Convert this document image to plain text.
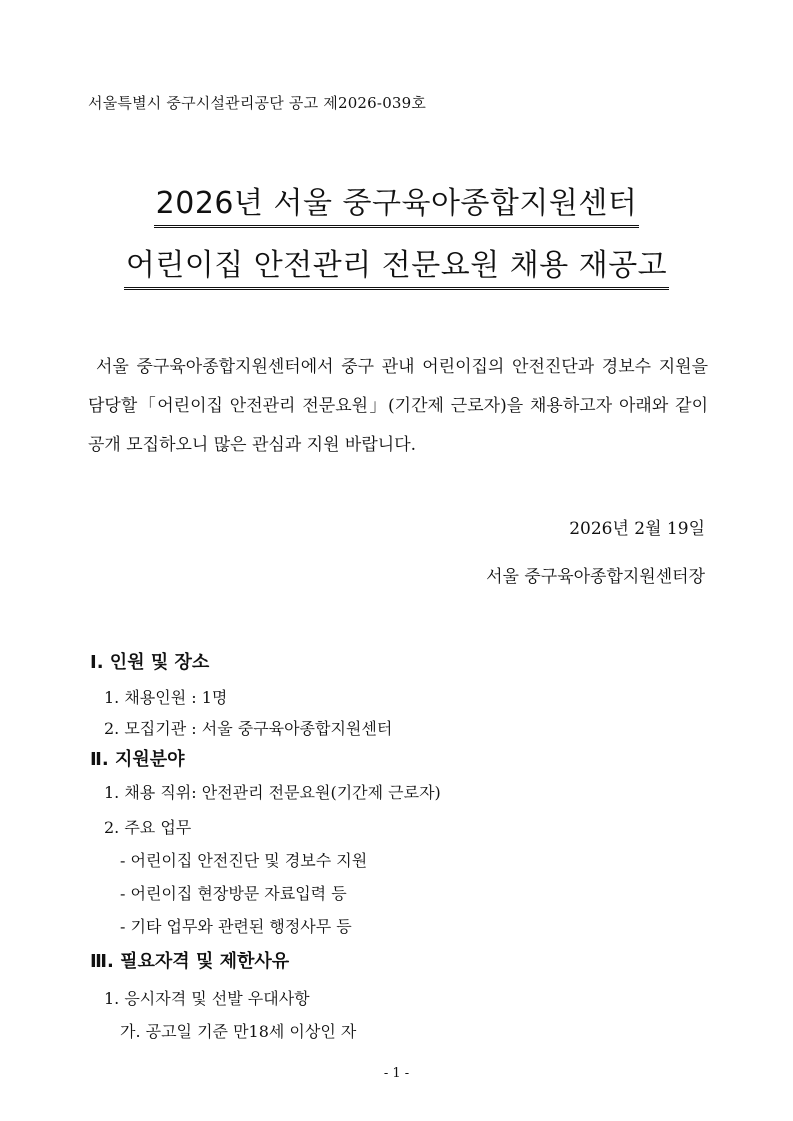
서울특별시 중구시설관리공단 공고 제2026-039호
2026년 서울 중구육아종합지원센터
어린이집 안전관리 전문요원 채용 재공고
서울 중구육아종합지원센터에서 중구 관내 어린이집의 안전진단과 경보수 지원을 담당할「어린이집 안전관리 전문요원」(기간제 근로자)을 채용하고자 아래와 같이 공개 모집하오니 많은 관심과 지원 바랍니다.
2026년 2월 19일
서울 중구육아종합지원센터장
Ⅰ. 인원 및 장소
1. 채용인원 : 1명
2. 모집기관 : 서울 중구육아종합지원센터
Ⅱ. 지원분야
1. 채용 직위: 안전관리 전문요원(기간제 근로자)
2. 주요 업무
- 어린이집 안전진단 및 경보수 지원
- 어린이집 현장방문 자료입력 등
- 기타 업무와 관련된 행정사무 등
Ⅲ. 필요자격 및 제한사유
1. 응시자격 및 선발 우대사항
가. 공고일 기준 만18세 이상인 자
- 1 -
